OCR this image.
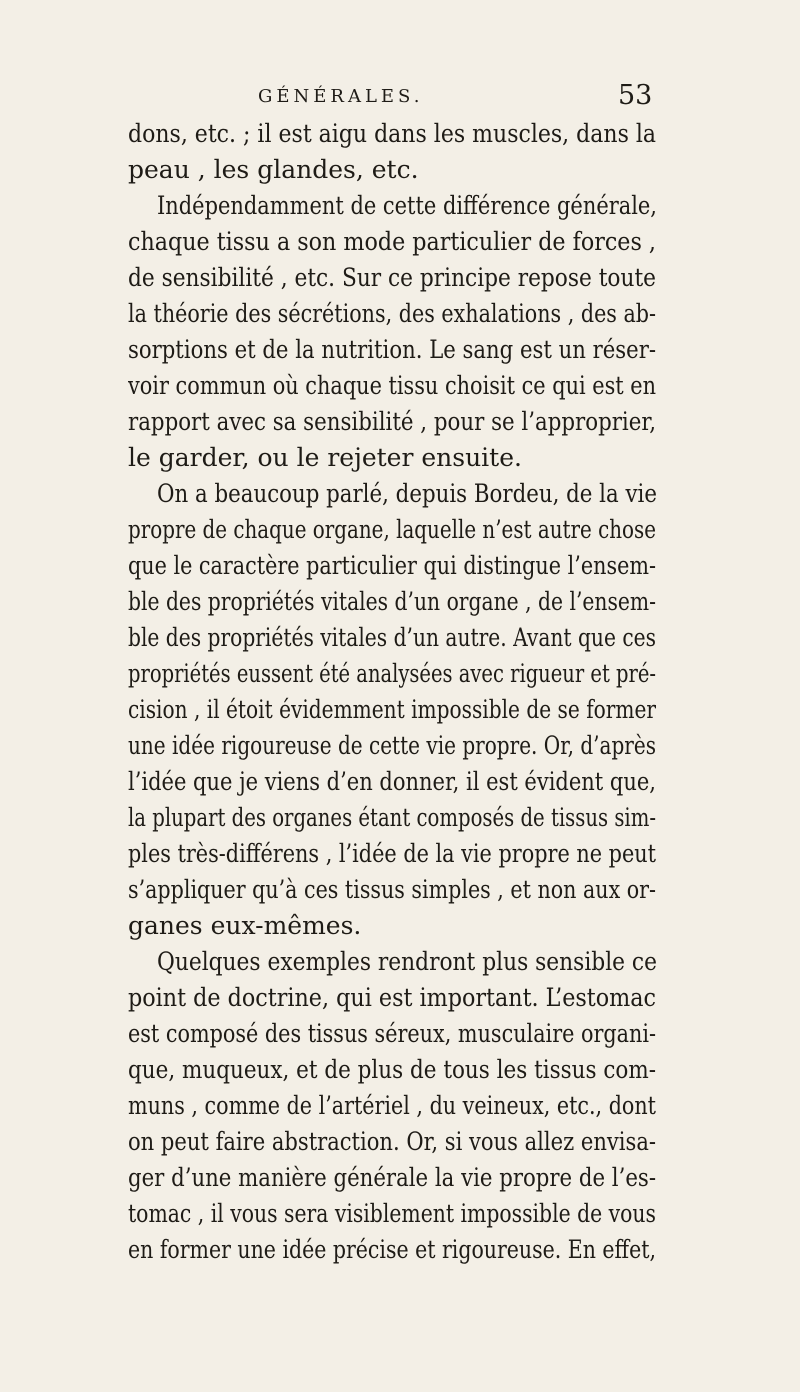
GÉNÉRALES.	53
dons, etc. ; il est aigu dans les muscles, dans la
peau , les glandes, etc.
Indépendamment de cette différence générale,
chaque tissu a son mode particulier de forces ,
de sensibilité , etc. Sur ce principe repose toute
la théorie des sécrétions, des exhalations , des ab-
sorptions et de la nutrition. Le sang est un réser-
voir commun où chaque tissu choisit ce qui est en
rapport avec sa sensibilité , pour se l’approprier,
le garder, ou le rejeter ensuite.
On a beaucoup parlé, depuis Bordeu, de la vie
propre de chaque organe, laquelle n’est autre chose
que le caractère particulier qui distingue l’ensem-
ble des propriétés vitales d’un organe , de l’ensem-
ble des propriétés vitales d’un autre. Avant que ces
propriétés eussent été analysées avec rigueur et pré-
cision , il étoit évidemment impossible de se former
une idée rigoureuse de cette vie propre. Or, d’après
l’idée que je viens d’en donner, il est évident que,
la plupart des organes étant composés de tissus sim-
ples très-différens , l’idée de la vie propre ne peut
s’appliquer qu’à ces tissus simples , et non aux or-
ganes eux-mêmes.
Quelques exemples rendront plus sensible ce
point de doctrine, qui est important. L’estomac
est composé des tissus séreux, musculaire organi-
que, muqueux, et de plus de tous les tissus com-
muns , comme de l’artériel , du veineux, etc., dont
on peut faire abstraction. Or, si vous allez envisa-
ger d’une manière générale la vie propre de l’es-
tomac , il vous sera visiblement impossible de vous
en former une idée précise et rigoureuse. En effet,
